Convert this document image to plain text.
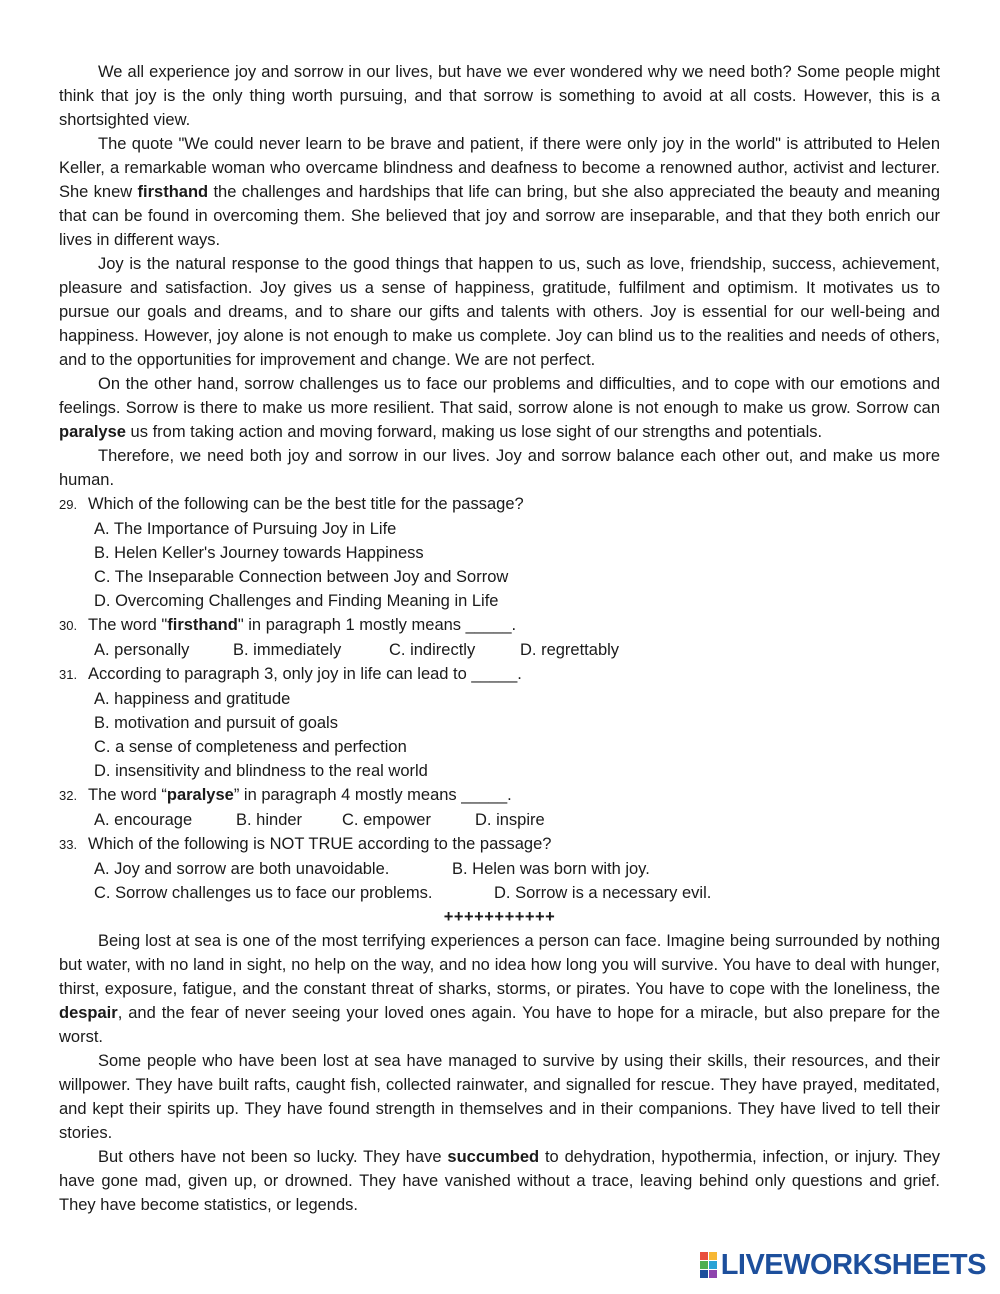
We all experience joy and sorrow in our lives, but have we ever wondered why we need both? Some people might think that joy is the only thing worth pursuing, and that sorrow is something to avoid at all costs. However, this is a shortsighted view.

The quote "We could never learn to be brave and patient, if there were only joy in the world" is attributed to Helen Keller, a remarkable woman who overcame blindness and deafness to become a renowned author, activist and lecturer. She knew firsthand the challenges and hardships that life can bring, but she also appreciated the beauty and meaning that can be found in overcoming them. She believed that joy and sorrow are inseparable, and that they both enrich our lives in different ways.

Joy is the natural response to the good things that happen to us, such as love, friendship, success, achievement, pleasure and satisfaction. Joy gives us a sense of happiness, gratitude, fulfilment and optimism. It motivates us to pursue our goals and dreams, and to share our gifts and talents with others. Joy is essential for our well-being and happiness. However, joy alone is not enough to make us complete. Joy can blind us to the realities and needs of others, and to the opportunities for improvement and change. We are not perfect.

On the other hand, sorrow challenges us to face our problems and difficulties, and to cope with our emotions and feelings. Sorrow is there to make us more resilient. That said, sorrow alone is not enough to make us grow. Sorrow can paralyse us from taking action and moving forward, making us lose sight of our strengths and potentials.

Therefore, we need both joy and sorrow in our lives. Joy and sorrow balance each other out, and make us more human.

29. Which of the following can be the best title for the passage?
A. The Importance of Pursuing Joy in Life
B. Helen Keller's Journey towards Happiness
C. The Inseparable Connection between Joy and Sorrow
D. Overcoming Challenges and Finding Meaning in Life
30. The word "firsthand" in paragraph 1 mostly means _____.
A. personally	B. immediately	C. indirectly	D. regrettably
31. According to paragraph 3, only joy in life can lead to _____.
A. happiness and gratitude
B. motivation and pursuit of goals
C. a sense of completeness and perfection
D. insensitivity and blindness to the real world
32. The word “paralyse” in paragraph 4 mostly means _____.
A. encourage	B. hinder C. empower	D. inspire
33. Which of the following is NOT TRUE according to the passage?
A. Joy and sorrow are both unavoidable.	B. Helen was born with joy.
C. Sorrow challenges us to face our problems.	D. Sorrow is a necessary evil.
+++++++++++

Being lost at sea is one of the most terrifying experiences a person can face. Imagine being surrounded by nothing but water, with no land in sight, no help on the way, and no idea how long you will survive. You have to deal with hunger, thirst, exposure, fatigue, and the constant threat of sharks, storms, or pirates. You have to cope with the loneliness, the despair, and the fear of never seeing your loved ones again. You have to hope for a miracle, but also prepare for the worst.

Some people who have been lost at sea have managed to survive by using their skills, their resources, and their willpower. They have built rafts, caught fish, collected rainwater, and signalled for rescue. They have prayed, meditated, and kept their spirits up. They have found strength in themselves and in their companions. They have lived to tell their stories.

But others have not been so lucky. They have succumbed to dehydration, hypothermia, infection, or injury. They have gone mad, given up, or drowned. They have vanished without a trace, leaving behind only questions and grief. They have become statistics, or legends.

LIVEWORKSHEETS
